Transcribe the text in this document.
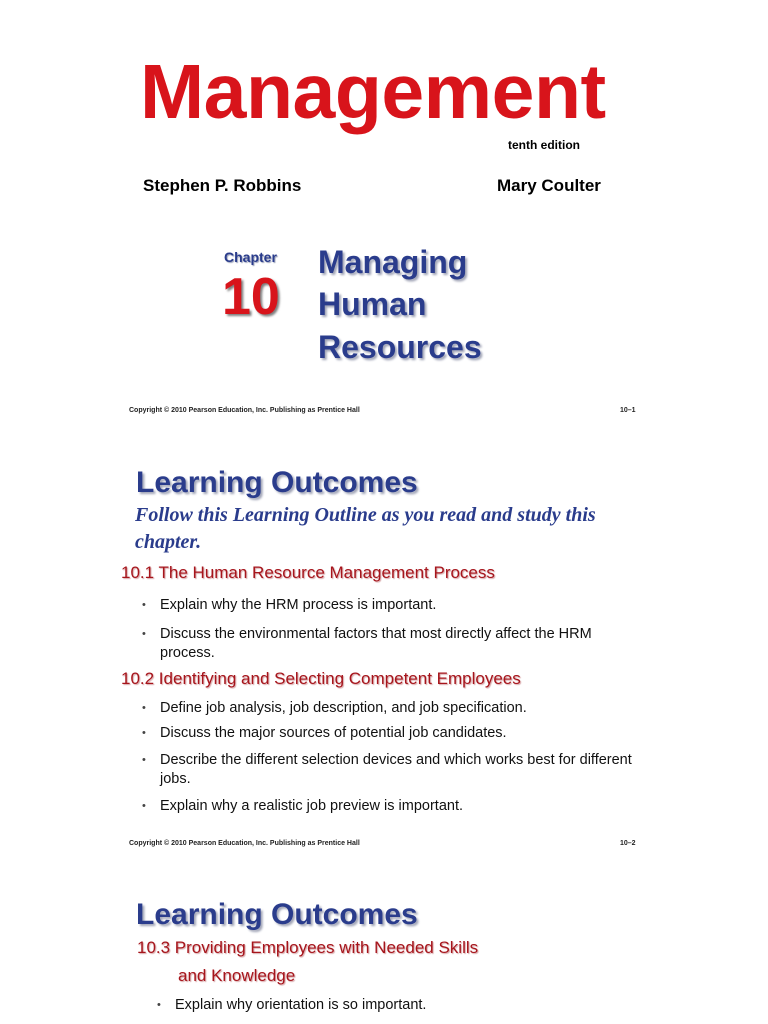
Management
tenth edition
Stephen P. Robbins	Mary Coulter
Chapter
10
Managing
Human
Resources
Copyright © 2010 Pearson Education, Inc. Publishing as Prentice Hall	10–1
Learning Outcomes
Follow this Learning Outline as you read and study this chapter.
10.1 The Human Resource Management Process
• Explain why the HRM process is important.
• Discuss the environmental factors that most directly affect the HRM process.
10.2 Identifying and Selecting Competent Employees
• Define job analysis, job description, and job specification.
• Discuss the major sources of potential job candidates.
• Describe the different selection devices and which works best for different jobs.
• Explain why a realistic job preview is important.
Copyright © 2010 Pearson Education, Inc. Publishing as Prentice Hall	10–2
Learning Outcomes
10.3 Providing Employees with Needed Skills
and Knowledge
• Explain why orientation is so important.
